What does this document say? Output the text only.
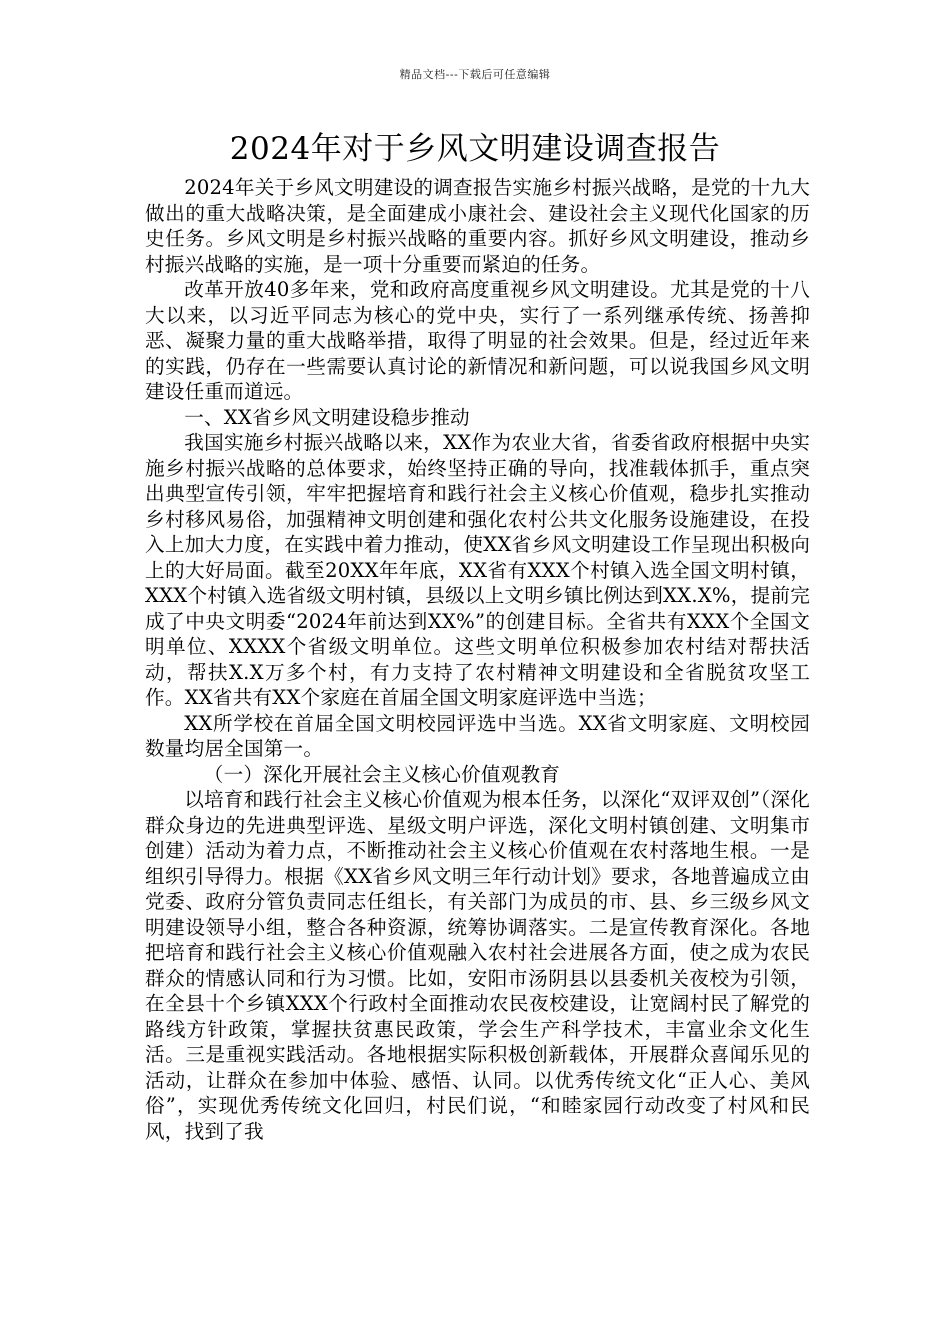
精品文档---下载后可任意编辑
2024年对于乡风文明建设调查报告

2024年关于乡风文明建设的调查报告实施乡村振兴战略，是党的十九大做出的重大战略决策，是全面建成小康社会、建设社会主义现代化国家的历史任务。乡风文明是乡村振兴战略的重要内容。抓好乡风文明建设，推动乡村振兴战略的实施，是一项十分重要而紧迫的任务。

改革开放40多年来，党和政府高度重视乡风文明建设。尤其是党的十八大以来，以习近平同志为核心的党中央，实行了一系列继承传统、扬善抑恶、凝聚力量的重大战略举措，取得了明显的社会效果。但是，经过近年来的实践，仍存在一些需要认真讨论的新情况和新问题，可以说我国乡风文明建设任重而道远。

一、XX省乡风文明建设稳步推动

我国实施乡村振兴战略以来，XX作为农业大省，省委省政府根据中央实施乡村振兴战略的总体要求，始终坚持正确的导向，找准载体抓手，重点突出典型宣传引领，牢牢把握培育和践行社会主义核心价值观，稳步扎实推动乡村移风易俗，加强精神文明创建和强化农村公共文化服务设施建设，在投入上加大力度，在实践中着力推动，使XX省乡风文明建设工作呈现出积极向上的大好局面。截至20XX年年底，XX省有XXX个村镇入选全国文明村镇，XXX个村镇入选省级文明村镇，县级以上文明乡镇比例达到XX.X%，提前完成了中央文明委“2024年前达到XX%”的创建目标。全省共有XXX个全国文明单位、XXXX个省级文明单位。这些文明单位积极参加农村结对帮扶活动，帮扶X.X万多个村，有力支持了农村精神文明建设和全省脱贫攻坚工作。XX省共有XX个家庭在首届全国文明家庭评选中当选；

XX所学校在首届全国文明校园评选中当选。XX省文明家庭、文明校园数量均居全国第一。

（一）深化开展社会主义核心价值观教育

以培育和践行社会主义核心价值观为根本任务，以深化“双评双创”（深化群众身边的先进典型评选、星级文明户评选，深化文明村镇创建、文明集市创建）活动为着力点，不断推动社会主义核心价值观在农村落地生根。一是组织引导得力。根据《XX省乡风文明三年行动计划》要求，各地普遍成立由党委、政府分管负责同志任组长，有关部门为成员的市、县、乡三级乡风文明建设领导小组，整合各种资源，统筹协调落实。二是宣传教育深化。各地把培育和践行社会主义核心价值观融入农村社会进展各方面，使之成为农民群众的情感认同和行为习惯。比如，安阳市汤阴县以县委机关夜校为引领，在全县十个乡镇XXX个行政村全面推动农民夜校建设，让宽阔村民了解党的路线方针政策，掌握扶贫惠民政策，学会生产科学技术，丰富业余文化生活。三是重视实践活动。各地根据实际积极创新载体，开展群众喜闻乐见的活动，让群众在参加中体验、感悟、认同。以优秀传统文化“正人心、美风俗”，实现优秀传统文化回归，村民们说，“和睦家园行动改变了村风和民风，找到了我
